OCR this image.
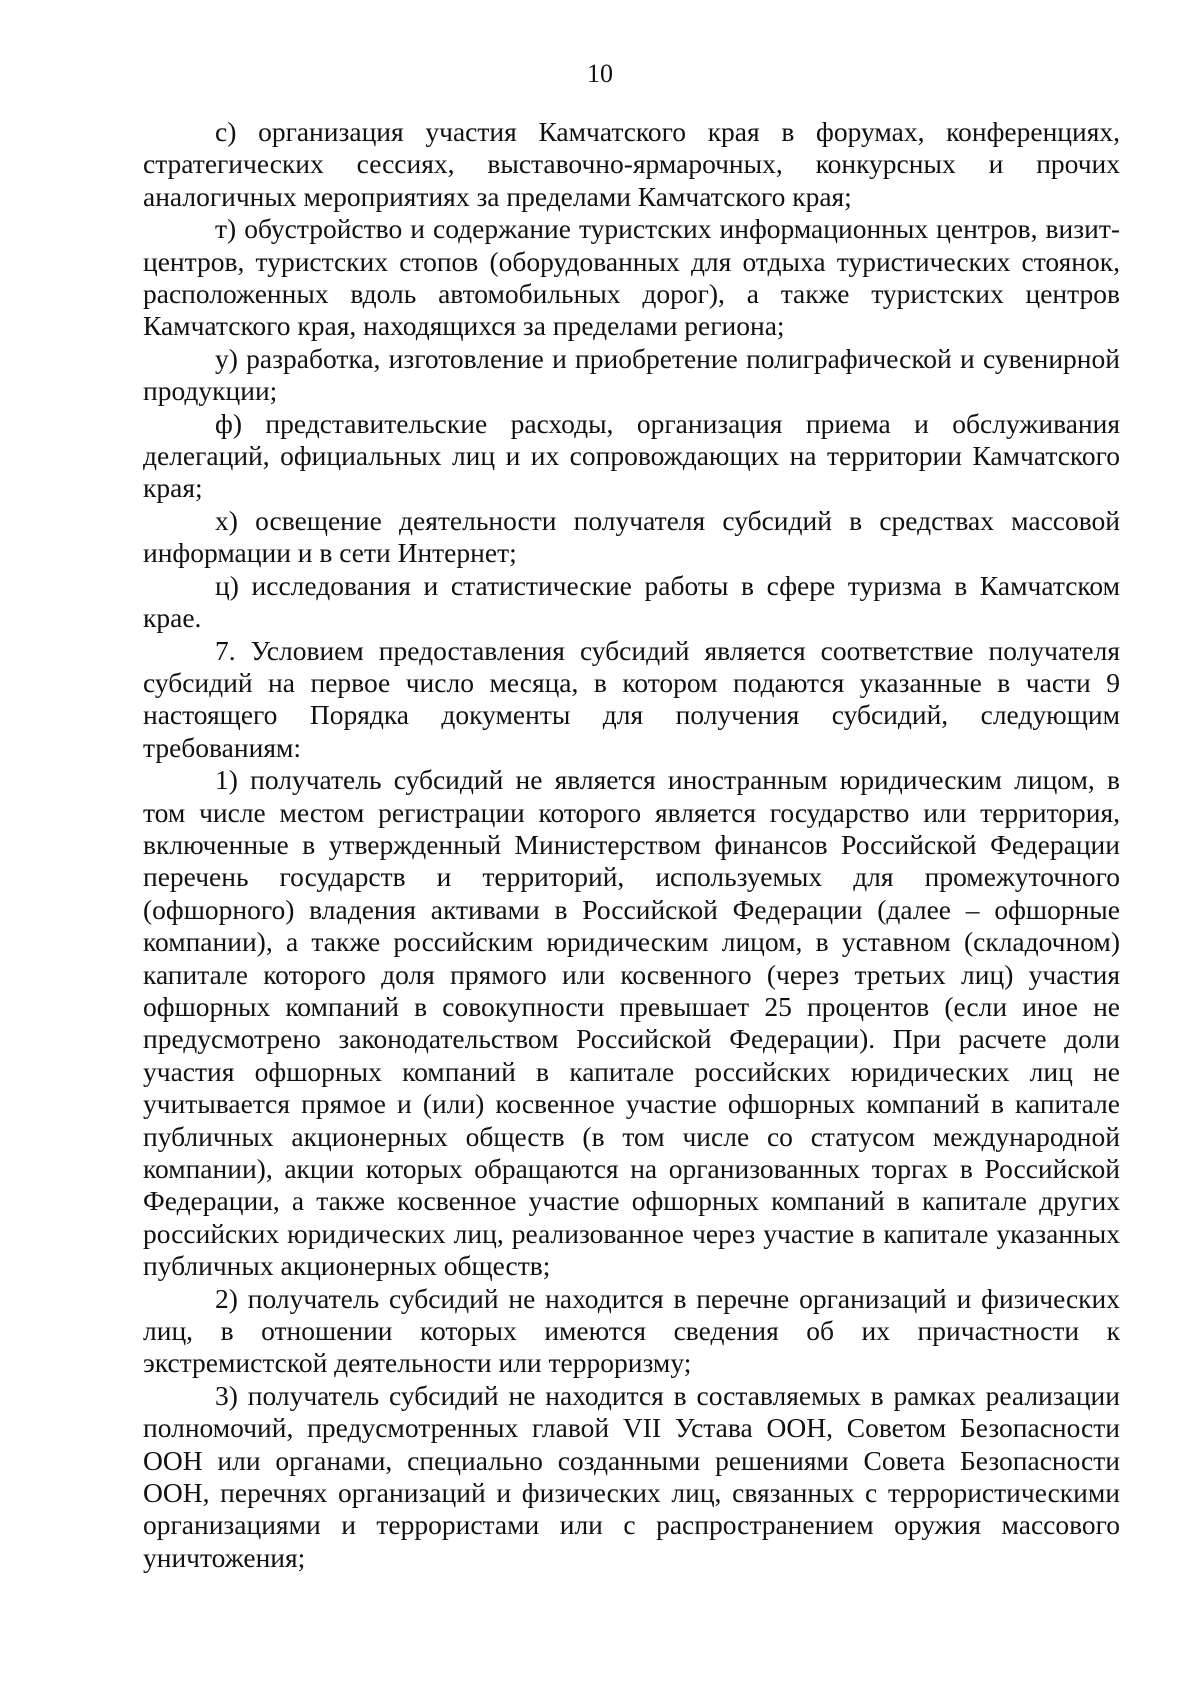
10

с) организация участия Камчатского края в форумах, конференциях, стратегических сессиях, выставочно-ярмарочных, конкурсных и прочих аналогичных мероприятиях за пределами Камчатского края;

т) обустройство и содержание туристских информационных центров, визит-центров, туристских стопов (оборудованных для отдыха туристических стоянок, расположенных вдоль автомобильных дорог), а также туристских центров Камчатского края, находящихся за пределами региона;

у) разработка, изготовление и приобретение полиграфической и сувенирной продукции;

ф) представительские расходы, организация приема и обслуживания делегаций, официальных лиц и их сопровождающих на территории Камчатского края;

х) освещение деятельности получателя субсидий в средствах массовой информации и в сети Интернет;

ц) исследования и статистические работы в сфере туризма в Камчатском крае.

7. Условием предоставления субсидий является соответствие получателя субсидий на первое число месяца, в котором подаются указанные в части 9 настоящего Порядка документы для получения субсидий, следующим требованиям:

1) получатель субсидий не является иностранным юридическим лицом, в том числе местом регистрации которого является государство или территория, включенные в утвержденный Министерством финансов Российской Федерации перечень государств и территорий, используемых для промежуточного (офшорного) владения активами в Российской Федерации (далее – офшорные компании), а также российским юридическим лицом, в уставном (складочном) капитале которого доля прямого или косвенного (через третьих лиц) участия офшорных компаний в совокупности превышает 25 процентов (если иное не предусмотрено законодательством Российской Федерации). При расчете доли участия офшорных компаний в капитале российских юридических лиц не учитывается прямое и (или) косвенное участие офшорных компаний в капитале публичных акционерных обществ (в том числе со статусом международной компании), акции которых обращаются на организованных торгах в Российской Федерации, а также косвенное участие офшорных компаний в капитале других российских юридических лиц, реализованное через участие в капитале указанных публичных акционерных обществ;

2) получатель субсидий не находится в перечне организаций и физических лиц, в отношении которых имеются сведения об их причастности к экстремистской деятельности или терроризму;

3) получатель субсидий не находится в составляемых в рамках реализации полномочий, предусмотренных главой VII Устава ООН, Советом Безопасности ООН или органами, специально созданными решениями Совета Безопасности ООН, перечнях организаций и физических лиц, связанных с террористическими организациями и террористами или с распространением оружия массового уничтожения;
